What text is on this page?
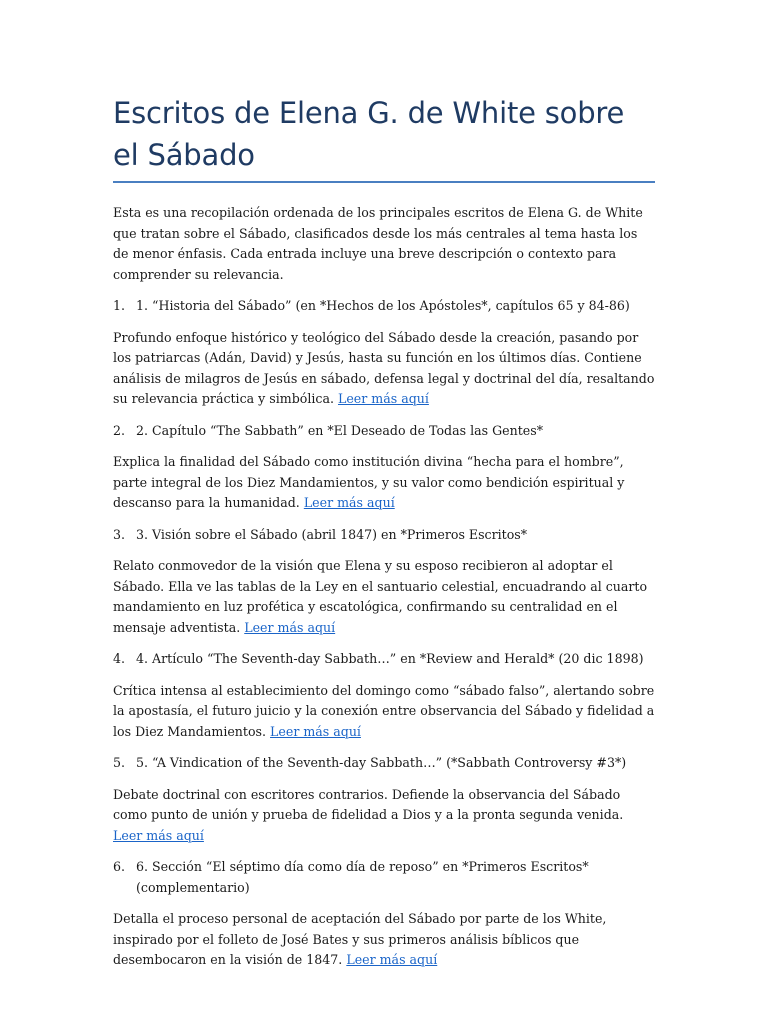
Escritos de Elena G. de White sobre el Sábado

Esta es una recopilación ordenada de los principales escritos de Elena G. de White que tratan sobre el Sábado, clasificados desde los más centrales al tema hasta los de menor énfasis. Cada entrada incluye una breve descripción o contexto para comprender su relevancia.

1. 1. “Historia del Sábado” (en *Hechos de los Apóstoles*, capítulos 65 y 84-86)

Profundo enfoque histórico y teológico del Sábado desde la creación, pasando por los patriarcas (Adán, David) y Jesús, hasta su función en los últimos días. Contiene análisis de milagros de Jesús en sábado, defensa legal y doctrinal del día, resaltando su relevancia práctica y simbólica. Leer más aquí

2. 2. Capítulo “The Sabbath” en *El Deseado de Todas las Gentes*

Explica la finalidad del Sábado como institución divina “hecha para el hombre”, parte integral de los Diez Mandamientos, y su valor como bendición espiritual y descanso para la humanidad. Leer más aquí

3. 3. Visión sobre el Sábado (abril 1847) en *Primeros Escritos*

Relato conmovedor de la visión que Elena y su esposo recibieron al adoptar el Sábado. Ella ve las tablas de la Ley en el santuario celestial, encuadrando al cuarto mandamiento en luz profética y escatológica, confirmando su centralidad en el mensaje adventista. Leer más aquí

4. 4. Artículo “The Seventh-day Sabbath…” en *Review and Herald* (20 dic 1898)

Crítica intensa al establecimiento del domingo como “sábado falso”, alertando sobre la apostasía, el futuro juicio y la conexión entre observancia del Sábado y fidelidad a los Diez Mandamientos. Leer más aquí

5. 5. “A Vindication of the Seventh-day Sabbath…” (*Sabbath Controversy #3*)

Debate doctrinal con escritores contrarios. Defiende la observancia del Sábado como punto de unión y prueba de fidelidad a Dios y a la pronta segunda venida. Leer más aquí

6. 6. Sección “El séptimo día como día de reposo” en *Primeros Escritos* (complementario)

Detalla el proceso personal de aceptación del Sábado por parte de los White, inspirado por el folleto de José Bates y sus primeros análisis bíblicos que desembocaron en la visión de 1847. Leer más aquí
